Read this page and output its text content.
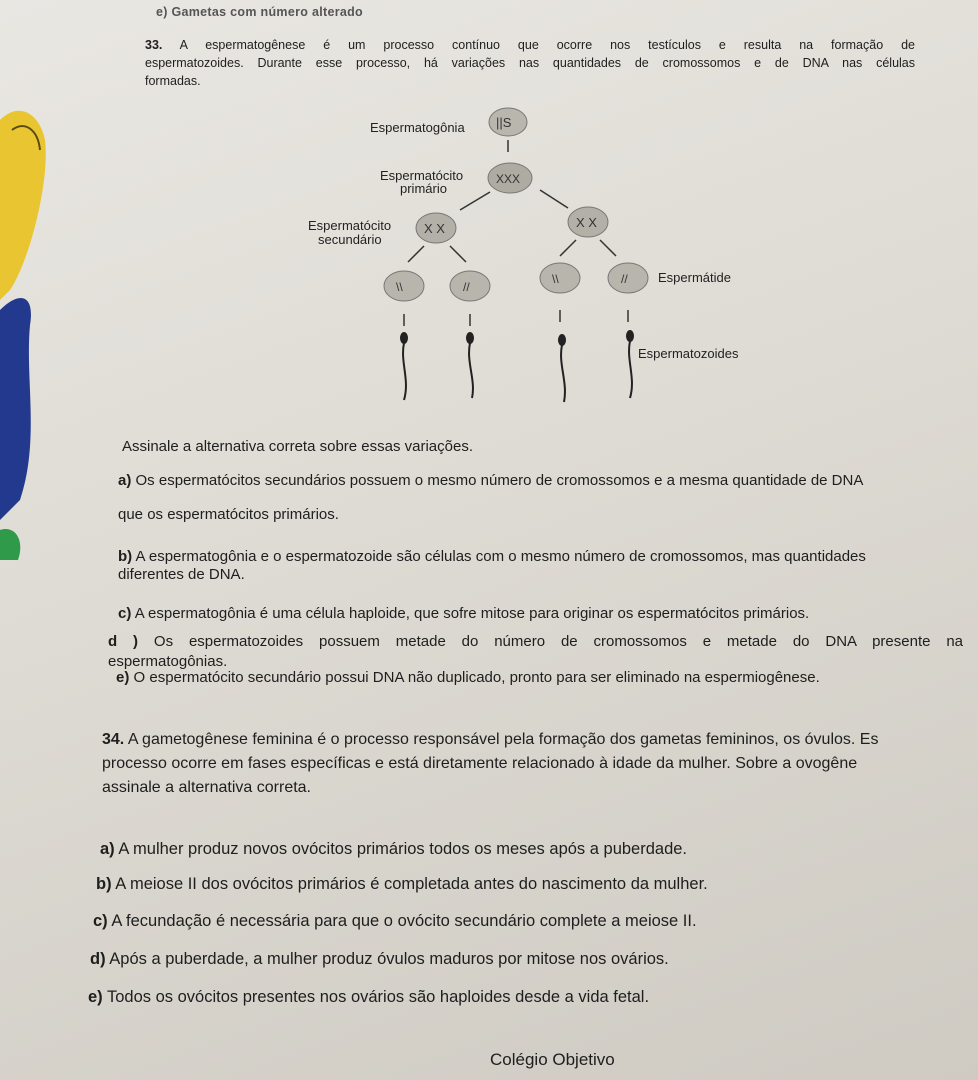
e) Gametas com número alterado

33. A espermatogênese é um processo contínuo que ocorre nos testículos e resulta na formação de
espermatozoides. Durante esse processo, há variações nas quantidades de cromossomos e de DNA nas células
formadas.
Espermatogônia ||S
Espermatócito
primário
XXX
Espermatócito
secundário
X X	X X
\\	//
\\	// Espermátide
Espermatozoides

Assinale a alternativa correta sobre essas variações.

a) Os espermatócitos secundários possuem o mesmo número de cromossomos e a mesma quantidade de DNA

que os espermatócitos primários.

b) A espermatogônia e o espermatozoide são células com o mesmo número de cromossomos, mas quantidades

diferentes de DNA.

c) A espermatogônia é uma célula haploide, que sofre mitose para originar os espermatócitos primários.

d ) Os espermatozoides possuem metade do número de cromossomos e metade do DNA presente na
espermatogônias.

e) O espermatócito secundário possui DNA não duplicado, pronto para ser eliminado na espermiogênese.

34. A gametogênese feminina é o processo responsável pela formação dos gametas femininos, os óvulos. Es
processo ocorre em fases específicas e está diretamente relacionado à idade da mulher. Sobre a ovogêne
assinale a alternativa correta.

a) A mulher produz novos ovócitos primários todos os meses após a puberdade.

b) A meiose II dos ovócitos primários é completada antes do nascimento da mulher.

c) A fecundação é necessária para que o ovócito secundário complete a meiose II.

d) Após a puberdade, a mulher produz óvulos maduros por mitose nos ovários.

e) Todos os ovócitos presentes nos ovários são haploides desde a vida fetal.

Colégio Objetivo
